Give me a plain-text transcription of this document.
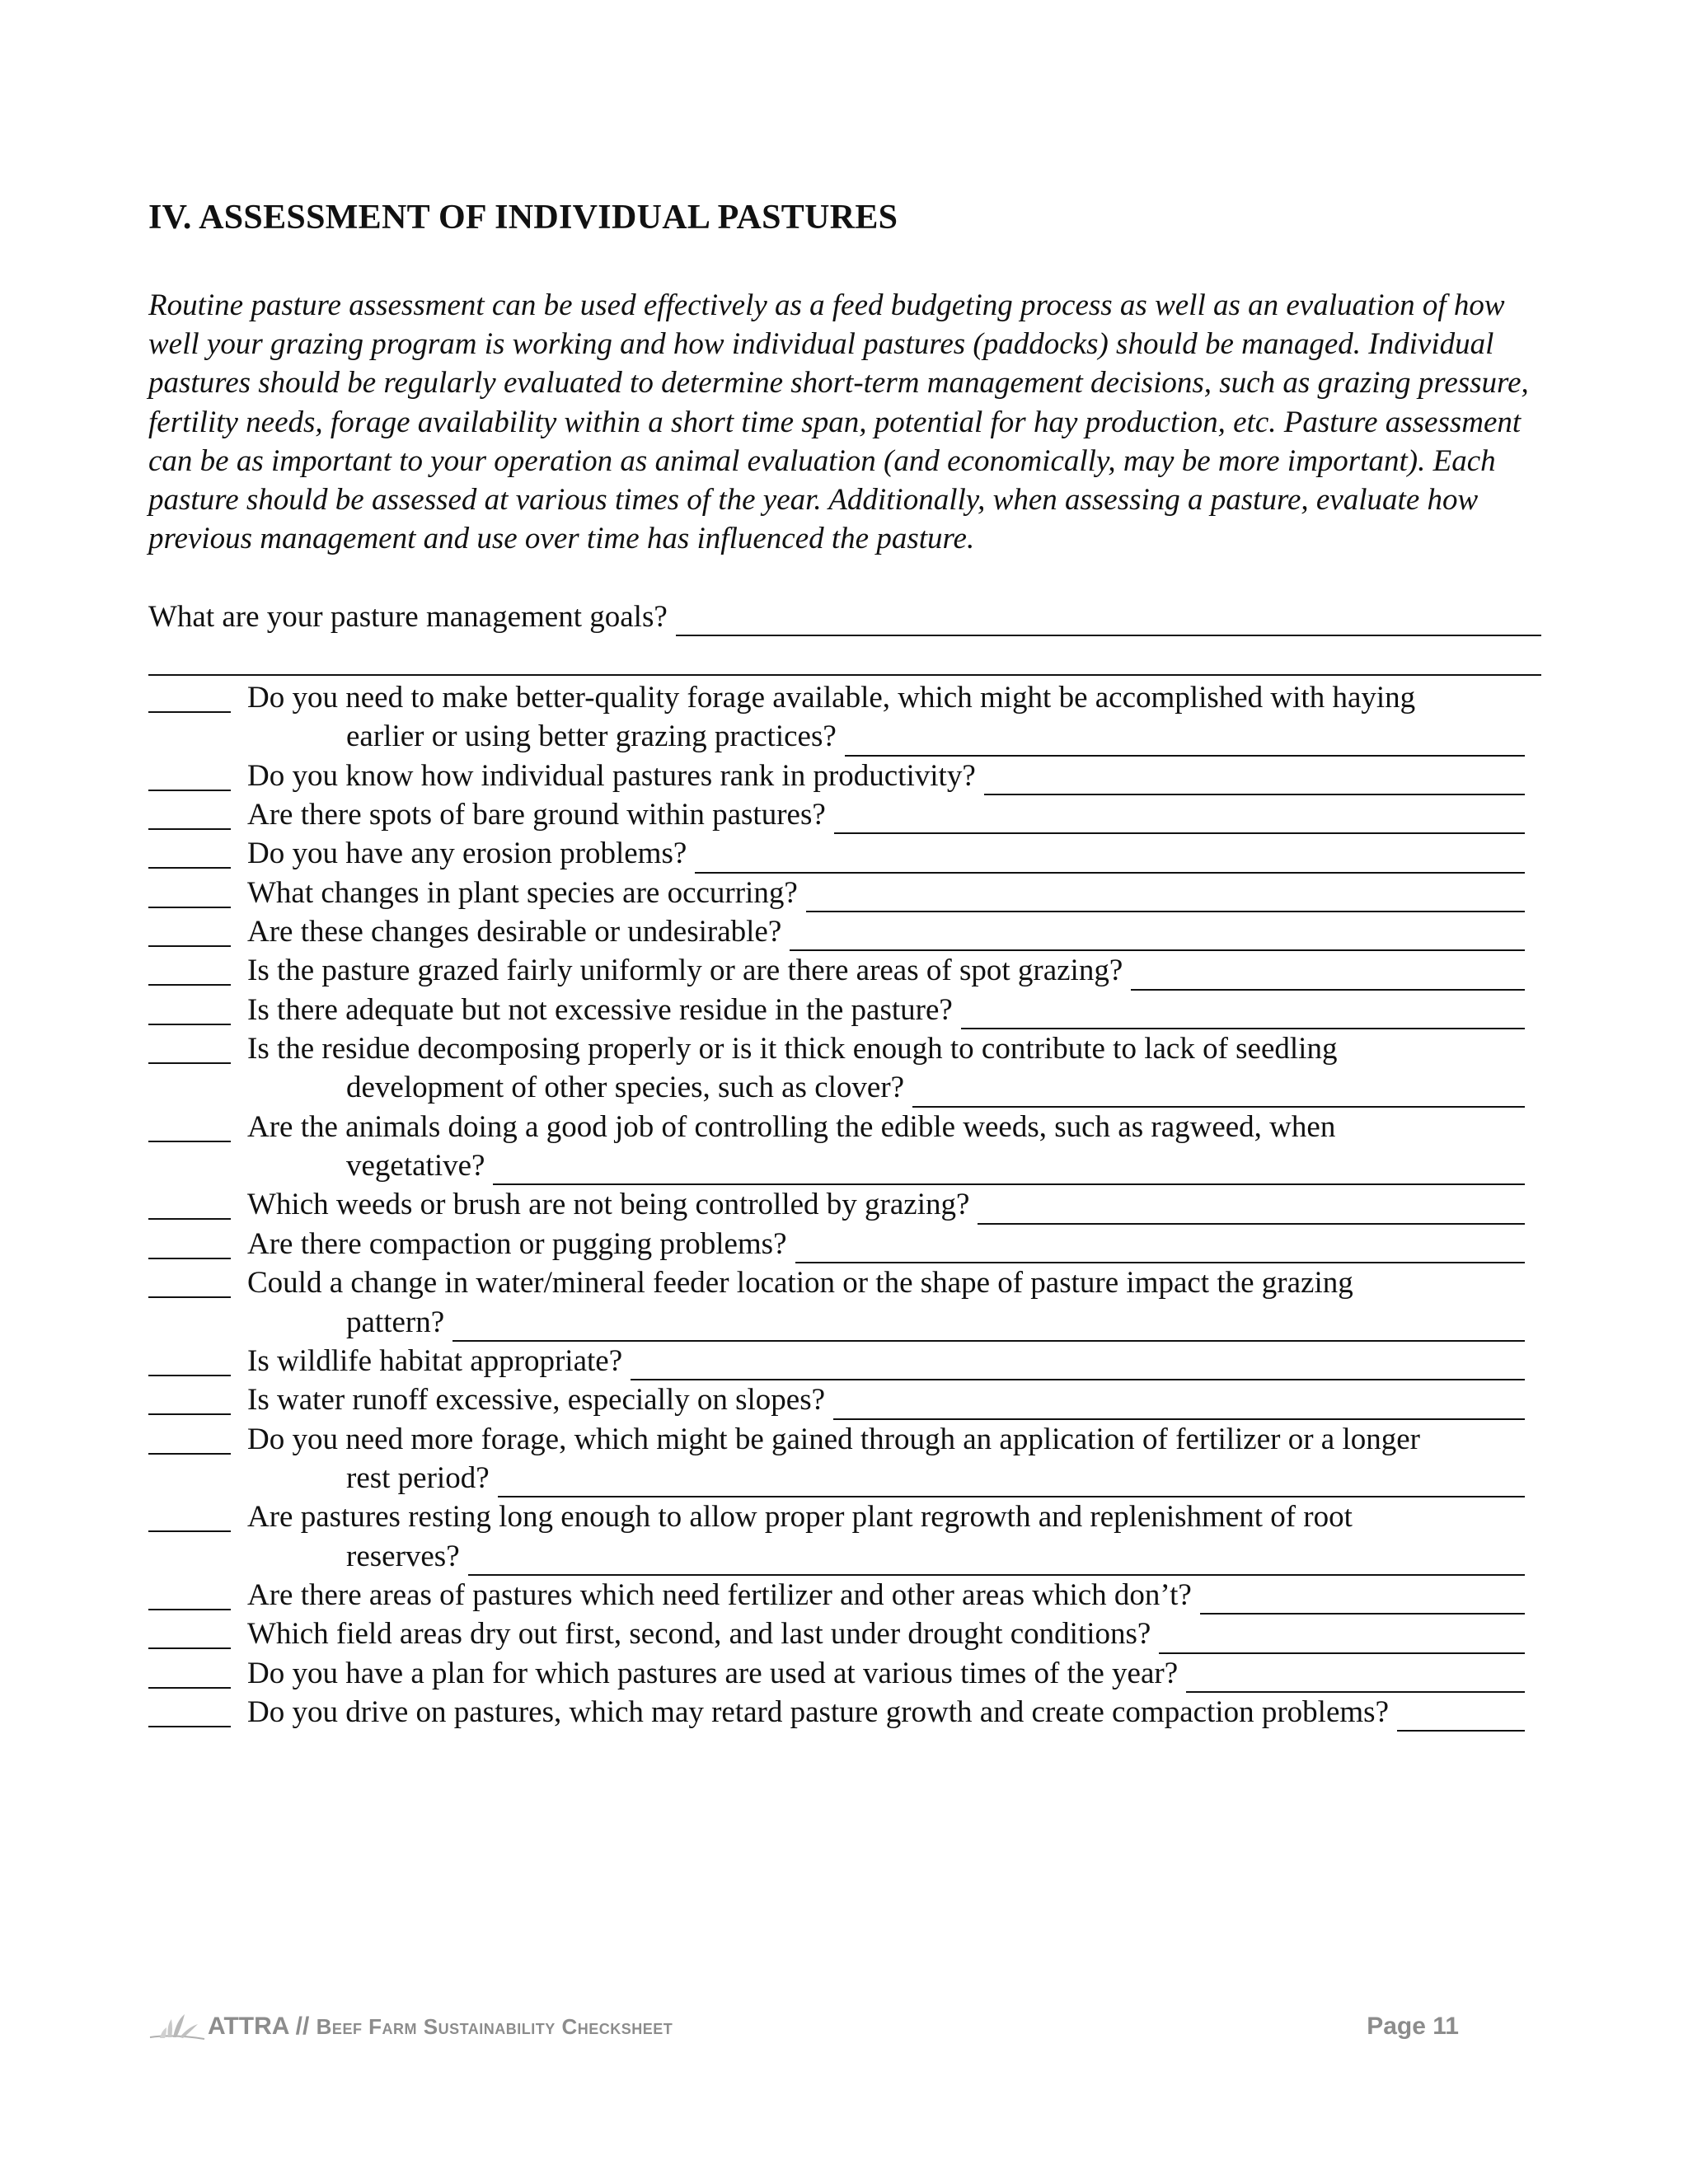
IV. ASSESSMENT OF INDIVIDUAL PASTURES
Routine pasture assessment can be used effectively as a feed budgeting process as well as an evaluation of how well your grazing program is working and how individual pastures (paddocks) should be managed. Individual pastures should be regularly evaluated to determine short-term management decisions, such as grazing pressure, fertility needs, forage availability within a short time span, potential for hay production, etc. Pasture assessment can be as important to your operation as animal evaluation (and economically, may be more important). Each pasture should be assessed at various times of the year. Additionally, when assessing a pasture, evaluate how previous management and use over time has influenced the pasture.
What are your pasture management goals?
Do you need to make better-quality forage available, which might be accomplished with haying
earlier or using better grazing practices?
Do you know how individual pastures rank in productivity?
Are there spots of bare ground within pastures?
Do you have any erosion problems?
What changes in plant species are occurring?
Are these changes desirable or undesirable?
Is the pasture grazed fairly uniformly or are there areas of spot grazing?
Is there adequate but not excessive residue in the pasture?
Is the residue decomposing properly or is it thick enough to contribute to lack of seedling
development of other species, such as clover?
Are the animals doing a good job of controlling the edible weeds, such as ragweed, when
vegetative?
Which weeds or brush are not being controlled by grazing?
Are there compaction or pugging problems?
Could a change in water/mineral feeder location or the shape of pasture impact the grazing
pattern?
Is wildlife habitat appropriate?
Is water runoff excessive, especially on slopes?
Do you need more forage, which might be gained through an application of fertilizer or a longer
rest period?
Are pastures resting long enough to allow proper plant regrowth and replenishment of root
reserves?
Are there areas of pastures which need fertilizer and other areas which don’t?
Which field areas dry out first, second, and last under drought conditions?
Do you have a plan for which pastures are used at various times of the year?
Do you drive on pastures, which may retard pasture growth and create compaction problems?
ATTRA // Beef Farm Sustainability Checksheet	Page 11
